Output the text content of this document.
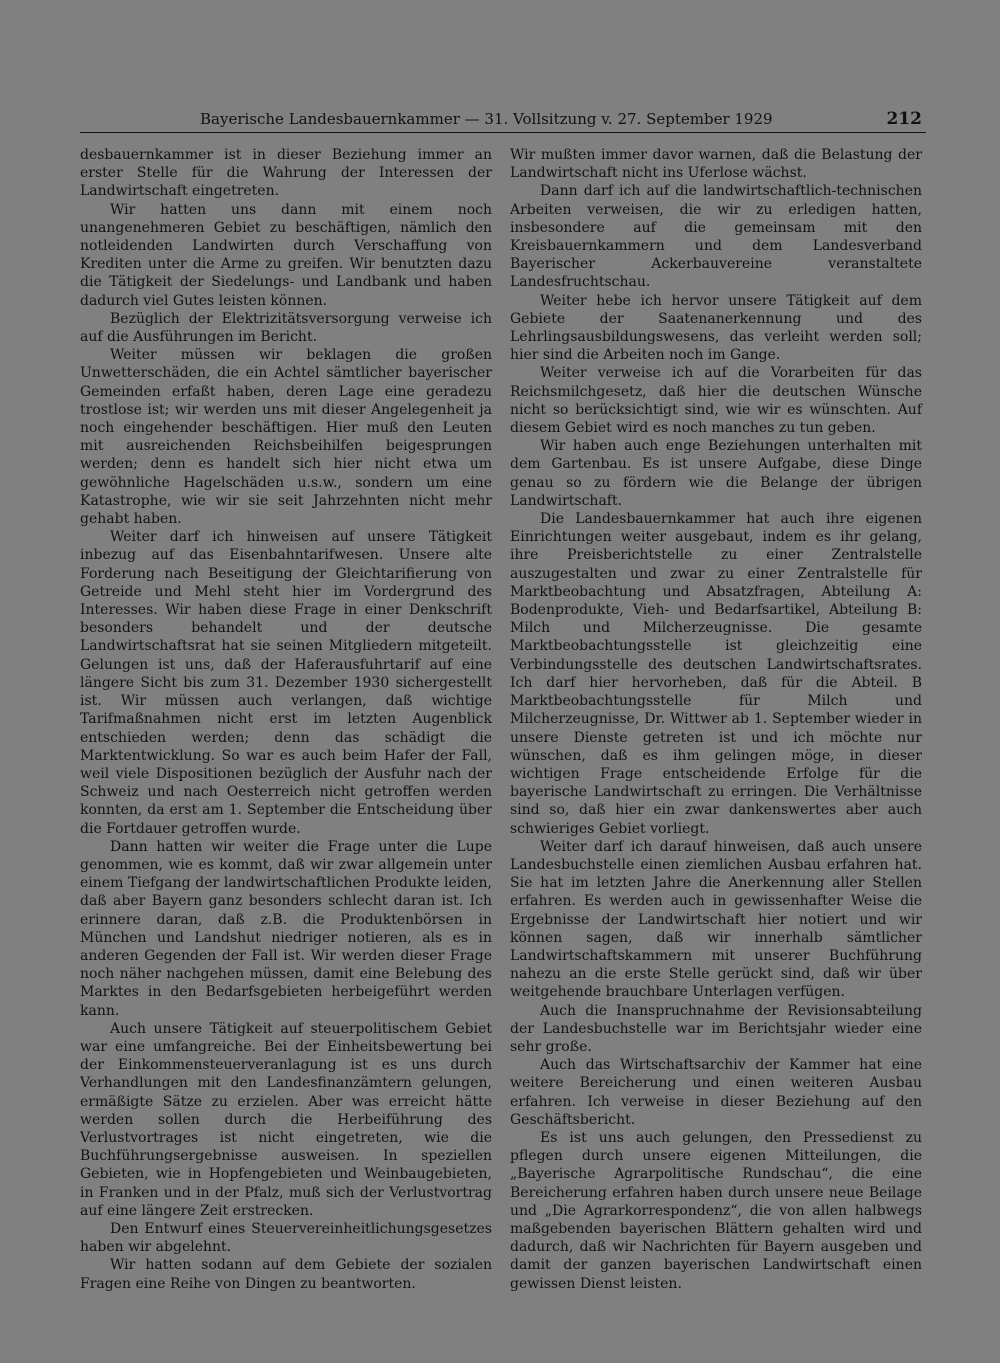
Bayerische Landesbauernkammer — 31. Vollsitzung v. 27. September 1929	212

desbauernkammer ist in dieser Beziehung immer an erster Stelle für die Wahrung der Interessen der Landwirtschaft eingetreten.

Wir hatten uns dann mit einem noch unangenehmeren Gebiet zu beschäftigen, nämlich den notleidenden Landwirten durch Verschaffung von Krediten unter die Arme zu greifen. Wir benutzten dazu die Tätigkeit der Siedelungs- und Landbank und haben dadurch viel Gutes leisten können.

Bezüglich der Elektrizitätsversorgung verweise ich auf die Ausführungen im Bericht.

Weiter müssen wir beklagen die großen Unwetterschäden, die ein Achtel sämtlicher bayerischer Gemeinden erfaßt haben, deren Lage eine geradezu trostlose ist; wir werden uns mit dieser Angelegenheit ja noch eingehender beschäftigen. Hier muß den Leuten mit ausreichenden Reichsbeihilfen beigesprungen werden; denn es handelt sich hier nicht etwa um gewöhnliche Hagelschäden u.s.w., sondern um eine Katastrophe, wie wir sie seit Jahrzehnten nicht mehr gehabt haben.

Weiter darf ich hinweisen auf unsere Tätigkeit inbezug auf das Eisenbahntarifwesen. Unsere alte Forderung nach Beseitigung der Gleichtarifierung von Getreide und Mehl steht hier im Vordergrund des Interesses. Wir haben diese Frage in einer Denkschrift besonders behandelt und der deutsche Landwirtschaftsrat hat sie seinen Mitgliedern mitgeteilt. Gelungen ist uns, daß der Haferausfuhrtarif auf eine längere Sicht bis zum 31. Dezember 1930 sichergestellt ist. Wir müssen auch verlangen, daß wichtige Tarifmaßnahmen nicht erst im letzten Augenblick entschieden werden; denn das schädigt die Marktentwicklung. So war es auch beim Hafer der Fall, weil viele Dispositionen bezüglich der Ausfuhr nach der Schweiz und nach Oesterreich nicht getroffen werden konnten, da erst am 1. September die Entscheidung über die Fortdauer getroffen wurde.

Dann hatten wir weiter die Frage unter die Lupe genommen, wie es kommt, daß wir zwar allgemein unter einem Tiefgang der landwirtschaftlichen Produkte leiden, daß aber Bayern ganz besonders schlecht daran ist. Ich erinnere daran, daß z.B. die Produktenbörsen in München und Landshut niedriger notieren, als es in anderen Gegenden der Fall ist. Wir werden dieser Frage noch näher nachgehen müssen, damit eine Belebung des Marktes in den Bedarfsgebieten herbeigeführt werden kann.

Auch unsere Tätigkeit auf steuerpolitischem Gebiet war eine umfangreiche. Bei der Einheitsbewertung bei der Einkommensteuerveranlagung ist es uns durch Verhandlungen mit den Landesfinanzämtern gelungen, ermäßigte Sätze zu erzielen. Aber was erreicht hätte werden sollen durch die Herbeiführung des Verlustvortrages ist nicht eingetreten, wie die Buchführungsergebnisse ausweisen. In speziellen Gebieten, wie in Hopfengebieten und Weinbaugebieten, in Franken und in der Pfalz, muß sich der Verlustvortrag auf eine längere Zeit erstrecken.

Den Entwurf eines Steuervereinheitlichungsgesetzes haben wir abgelehnt.

Wir hatten sodann auf dem Gebiete der sozialen Fragen eine Reihe von Dingen zu beantworten.

Wir mußten immer davor warnen, daß die Belastung der Landwirtschaft nicht ins Uferlose wächst.

Dann darf ich auf die landwirtschaftlich-technischen Arbeiten verweisen, die wir zu erledigen hatten, insbesondere auf die gemeinsam mit den Kreisbauernkammern und dem Landesverband Bayerischer Ackerbauvereine veranstaltete Landesfruchtschau.

Weiter hebe ich hervor unsere Tätigkeit auf dem Gebiete der Saatenanerkennung und des Lehrlingsausbildungswesens, das verleiht werden soll; hier sind die Arbeiten noch im Gange.

Weiter verweise ich auf die Vorarbeiten für das Reichsmilchgesetz, daß hier die deutschen Wünsche nicht so berücksichtigt sind, wie wir es wünschten. Auf diesem Gebiet wird es noch manches zu tun geben.

Wir haben auch enge Beziehungen unterhalten mit dem Gartenbau. Es ist unsere Aufgabe, diese Dinge genau so zu fördern wie die Belange der übrigen Landwirtschaft.

Die Landesbauernkammer hat auch ihre eigenen Einrichtungen weiter ausgebaut, indem es ihr gelang, ihre Preisberichtstelle zu einer Zentralstelle auszugestalten und zwar zu einer Zentralstelle für Marktbeobachtung und Absatzfragen, Abteilung A: Bodenprodukte, Vieh- und Bedarfsartikel, Abteilung B: Milch und Milcherzeugnisse. Die gesamte Marktbeobachtungsstelle ist gleichzeitig eine Verbindungsstelle des deutschen Landwirtschaftsrates. Ich darf hier hervorheben, daß für die Abteil. B Marktbeobachtungsstelle für Milch und Milcherzeugnisse, Dr. Wittwer ab 1. September wieder in unsere Dienste getreten ist und ich möchte nur wünschen, daß es ihm gelingen möge, in dieser wichtigen Frage entscheidende Erfolge für die bayerische Landwirtschaft zu erringen. Die Verhältnisse sind so, daß hier ein zwar dankenswertes aber auch schwieriges Gebiet vorliegt.

Weiter darf ich darauf hinweisen, daß auch unsere Landesbuchstelle einen ziemlichen Ausbau erfahren hat. Sie hat im letzten Jahre die Anerkennung aller Stellen erfahren. Es werden auch in gewissenhafter Weise die Ergebnisse der Landwirtschaft hier notiert und wir können sagen, daß wir innerhalb sämtlicher Landwirtschaftskammern mit unserer Buchführung nahezu an die erste Stelle gerückt sind, daß wir über weitgehende brauchbare Unterlagen verfügen.

Auch die Inanspruchnahme der Revisionsabteilung der Landesbuchstelle war im Berichtsjahr wieder eine sehr große.

Auch das Wirtschaftsarchiv der Kammer hat eine weitere Bereicherung und einen weiteren Ausbau erfahren. Ich verweise in dieser Beziehung auf den Geschäftsbericht.

Es ist uns auch gelungen, den Pressedienst zu pflegen durch unsere eigenen Mitteilungen, die „Bayerische Agrarpolitische Rundschau“, die eine Bereicherung erfahren haben durch unsere neue Beilage und „Die Agrarkorrespondenz“, die von allen halbwegs maßgebenden bayerischen Blättern gehalten wird und dadurch, daß wir Nachrichten für Bayern ausgeben und damit der ganzen bayerischen Landwirtschaft einen gewissen Dienst leisten.
